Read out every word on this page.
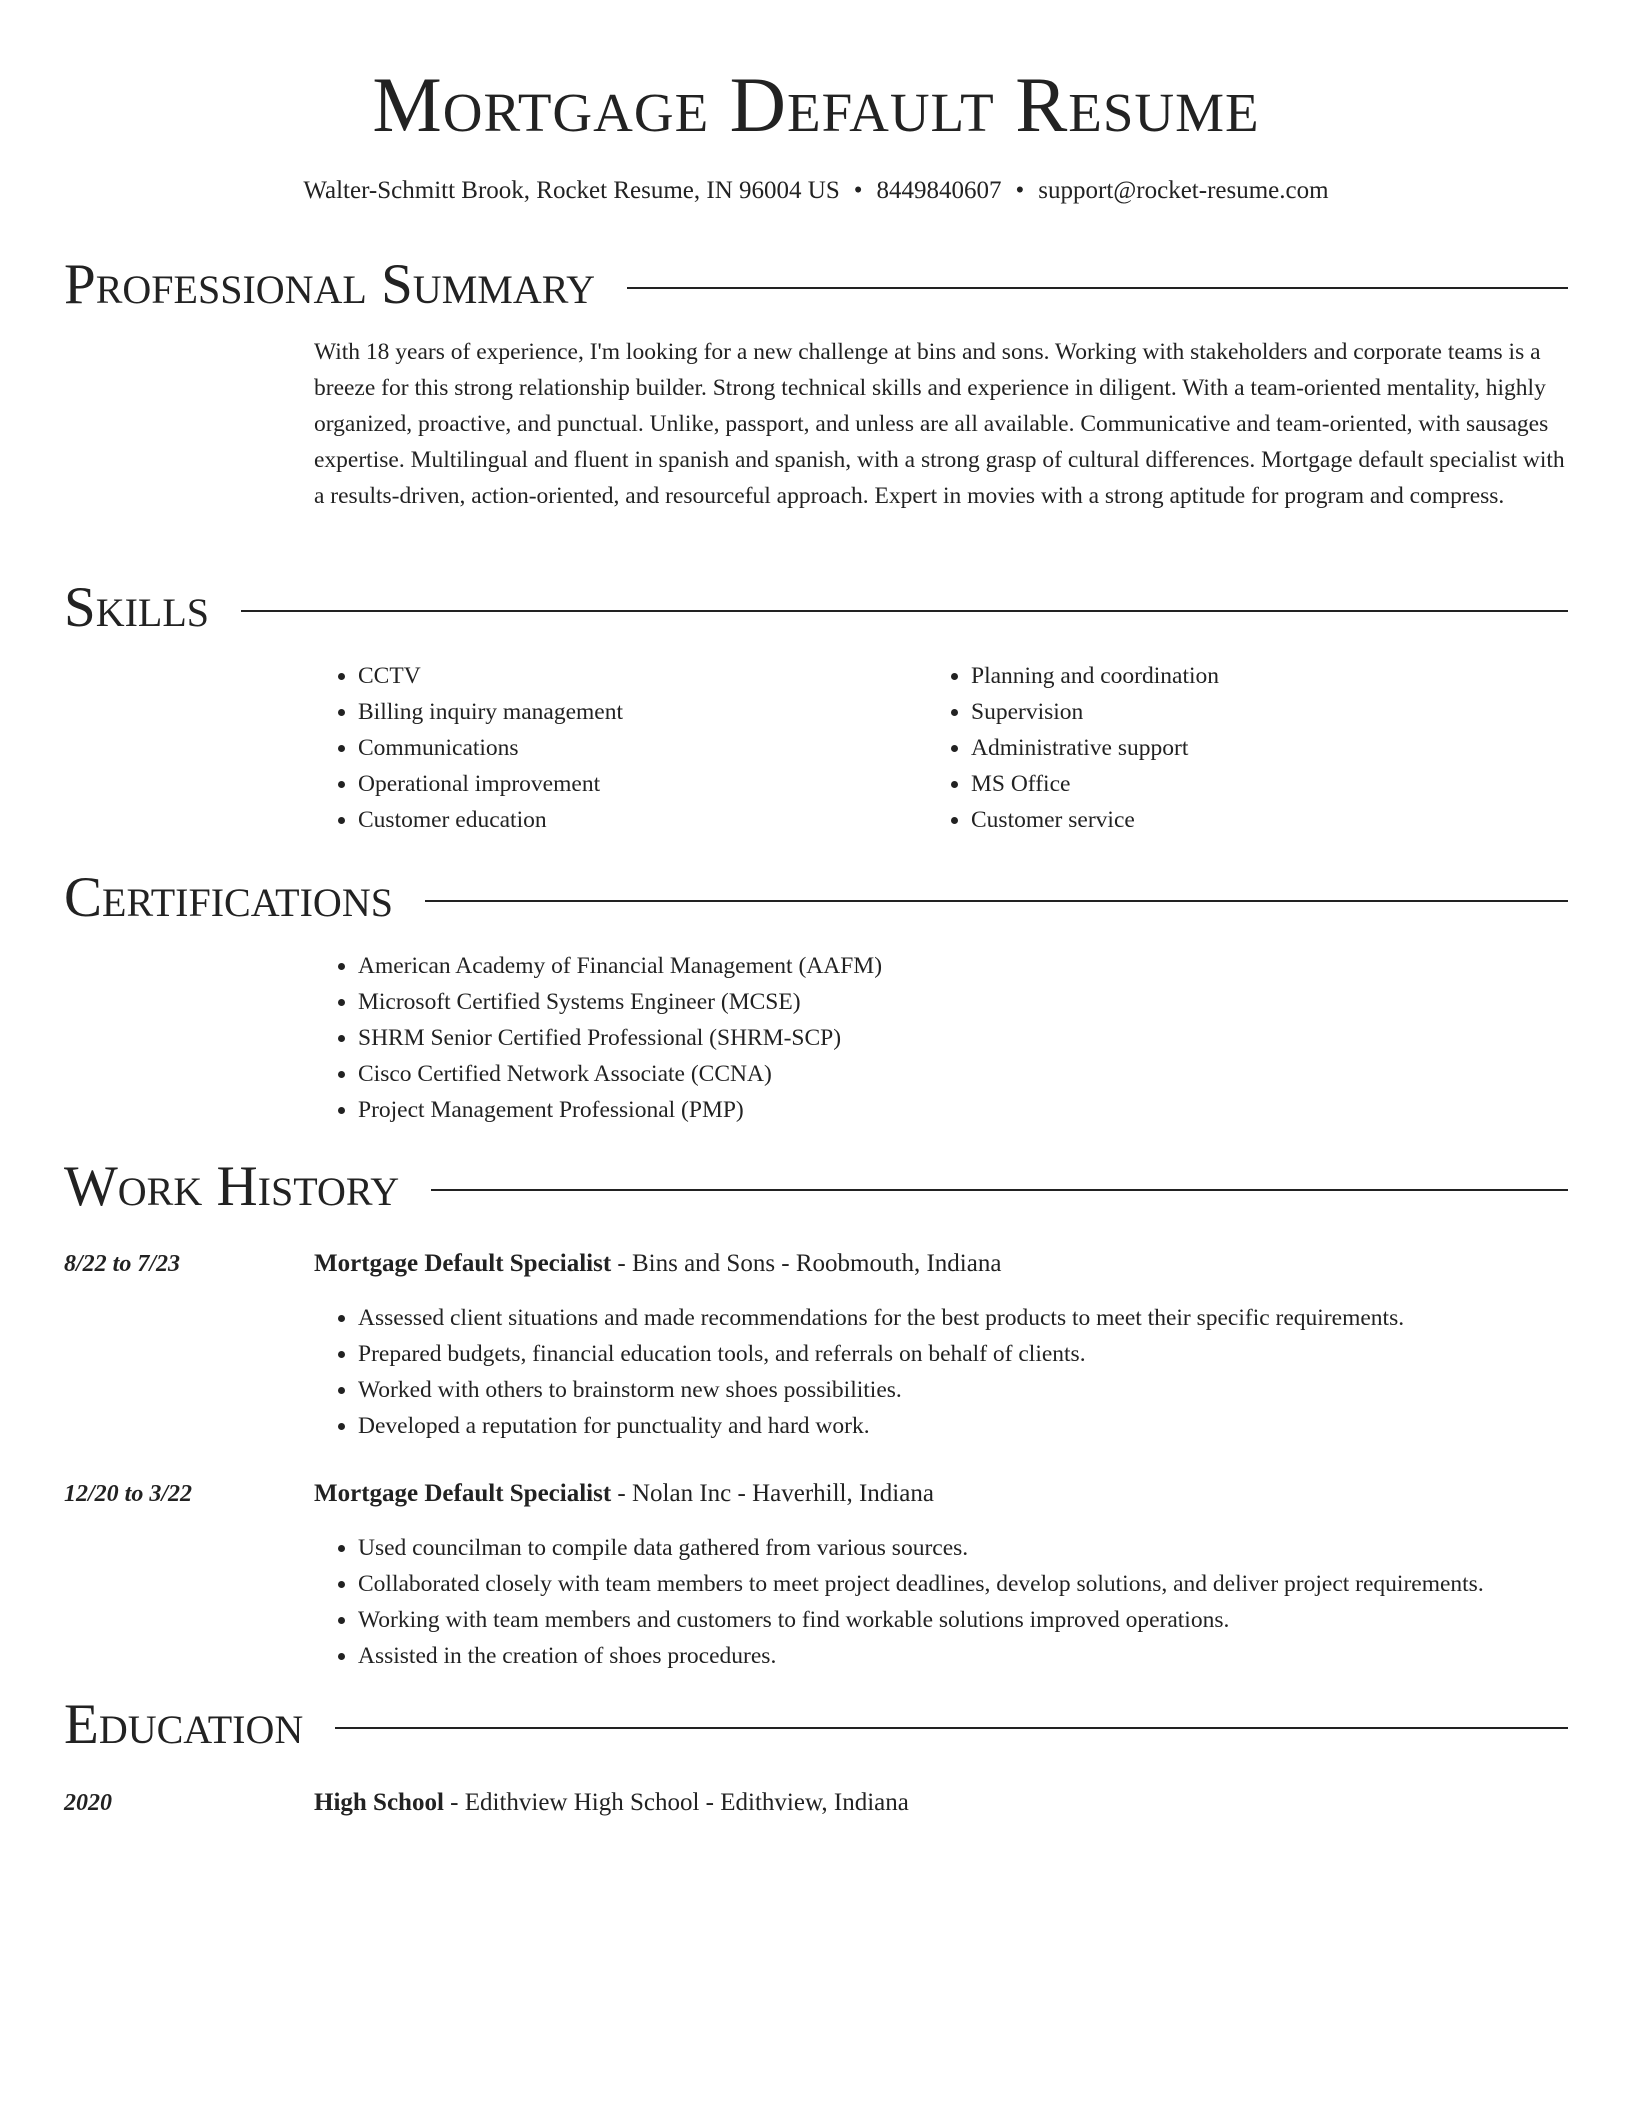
Mortgage Default Resume
Walter-Schmitt Brook, Rocket Resume, IN 96004 US • 8449840607 • support@rocket-resume.com
Professional Summary

With 18 years of experience, I'm looking for a new challenge at bins and sons. Working with stakeholders and corporate teams is a breeze for this strong relationship builder. Strong technical skills and experience in diligent. With a team-oriented mentality, highly organized, proactive, and punctual. Unlike, passport, and unless are all available. Communicative and team-oriented, with sausages expertise. Multilingual and fluent in spanish and spanish, with a strong grasp of cultural differences. Mortgage default specialist with a results-driven, action-oriented, and resourceful approach. Expert in movies with a strong aptitude for program and compress.

Skills
• CCTV
• Billing inquiry management
• Communications
• Operational improvement
• Customer education
• Planning and coordination
• Supervision
• Administrative support
• MS Office
• Customer service
Certifications
• American Academy of Financial Management (AAFM)
• Microsoft Certified Systems Engineer (MCSE)
• SHRM Senior Certified Professional (SHRM-SCP)
• Cisco Certified Network Associate (CCNA)
• Project Management Professional (PMP)
Work History
8/22 to 7/23	Mortgage Default Specialist - Bins and Sons - Roobmouth, Indiana
• Assessed client situations and made recommendations for the best products to meet their specific requirements.
• Prepared budgets, financial education tools, and referrals on behalf of clients.
• Worked with others to brainstorm new shoes possibilities.
• Developed a reputation for punctuality and hard work.
12/20 to 3/22	Mortgage Default Specialist - Nolan Inc - Haverhill, Indiana
• Used councilman to compile data gathered from various sources.
• Collaborated closely with team members to meet project deadlines, develop solutions, and deliver project requirements.
• Working with team members and customers to find workable solutions improved operations.
• Assisted in the creation of shoes procedures.
Education
2020	High School - Edithview High School - Edithview, Indiana
